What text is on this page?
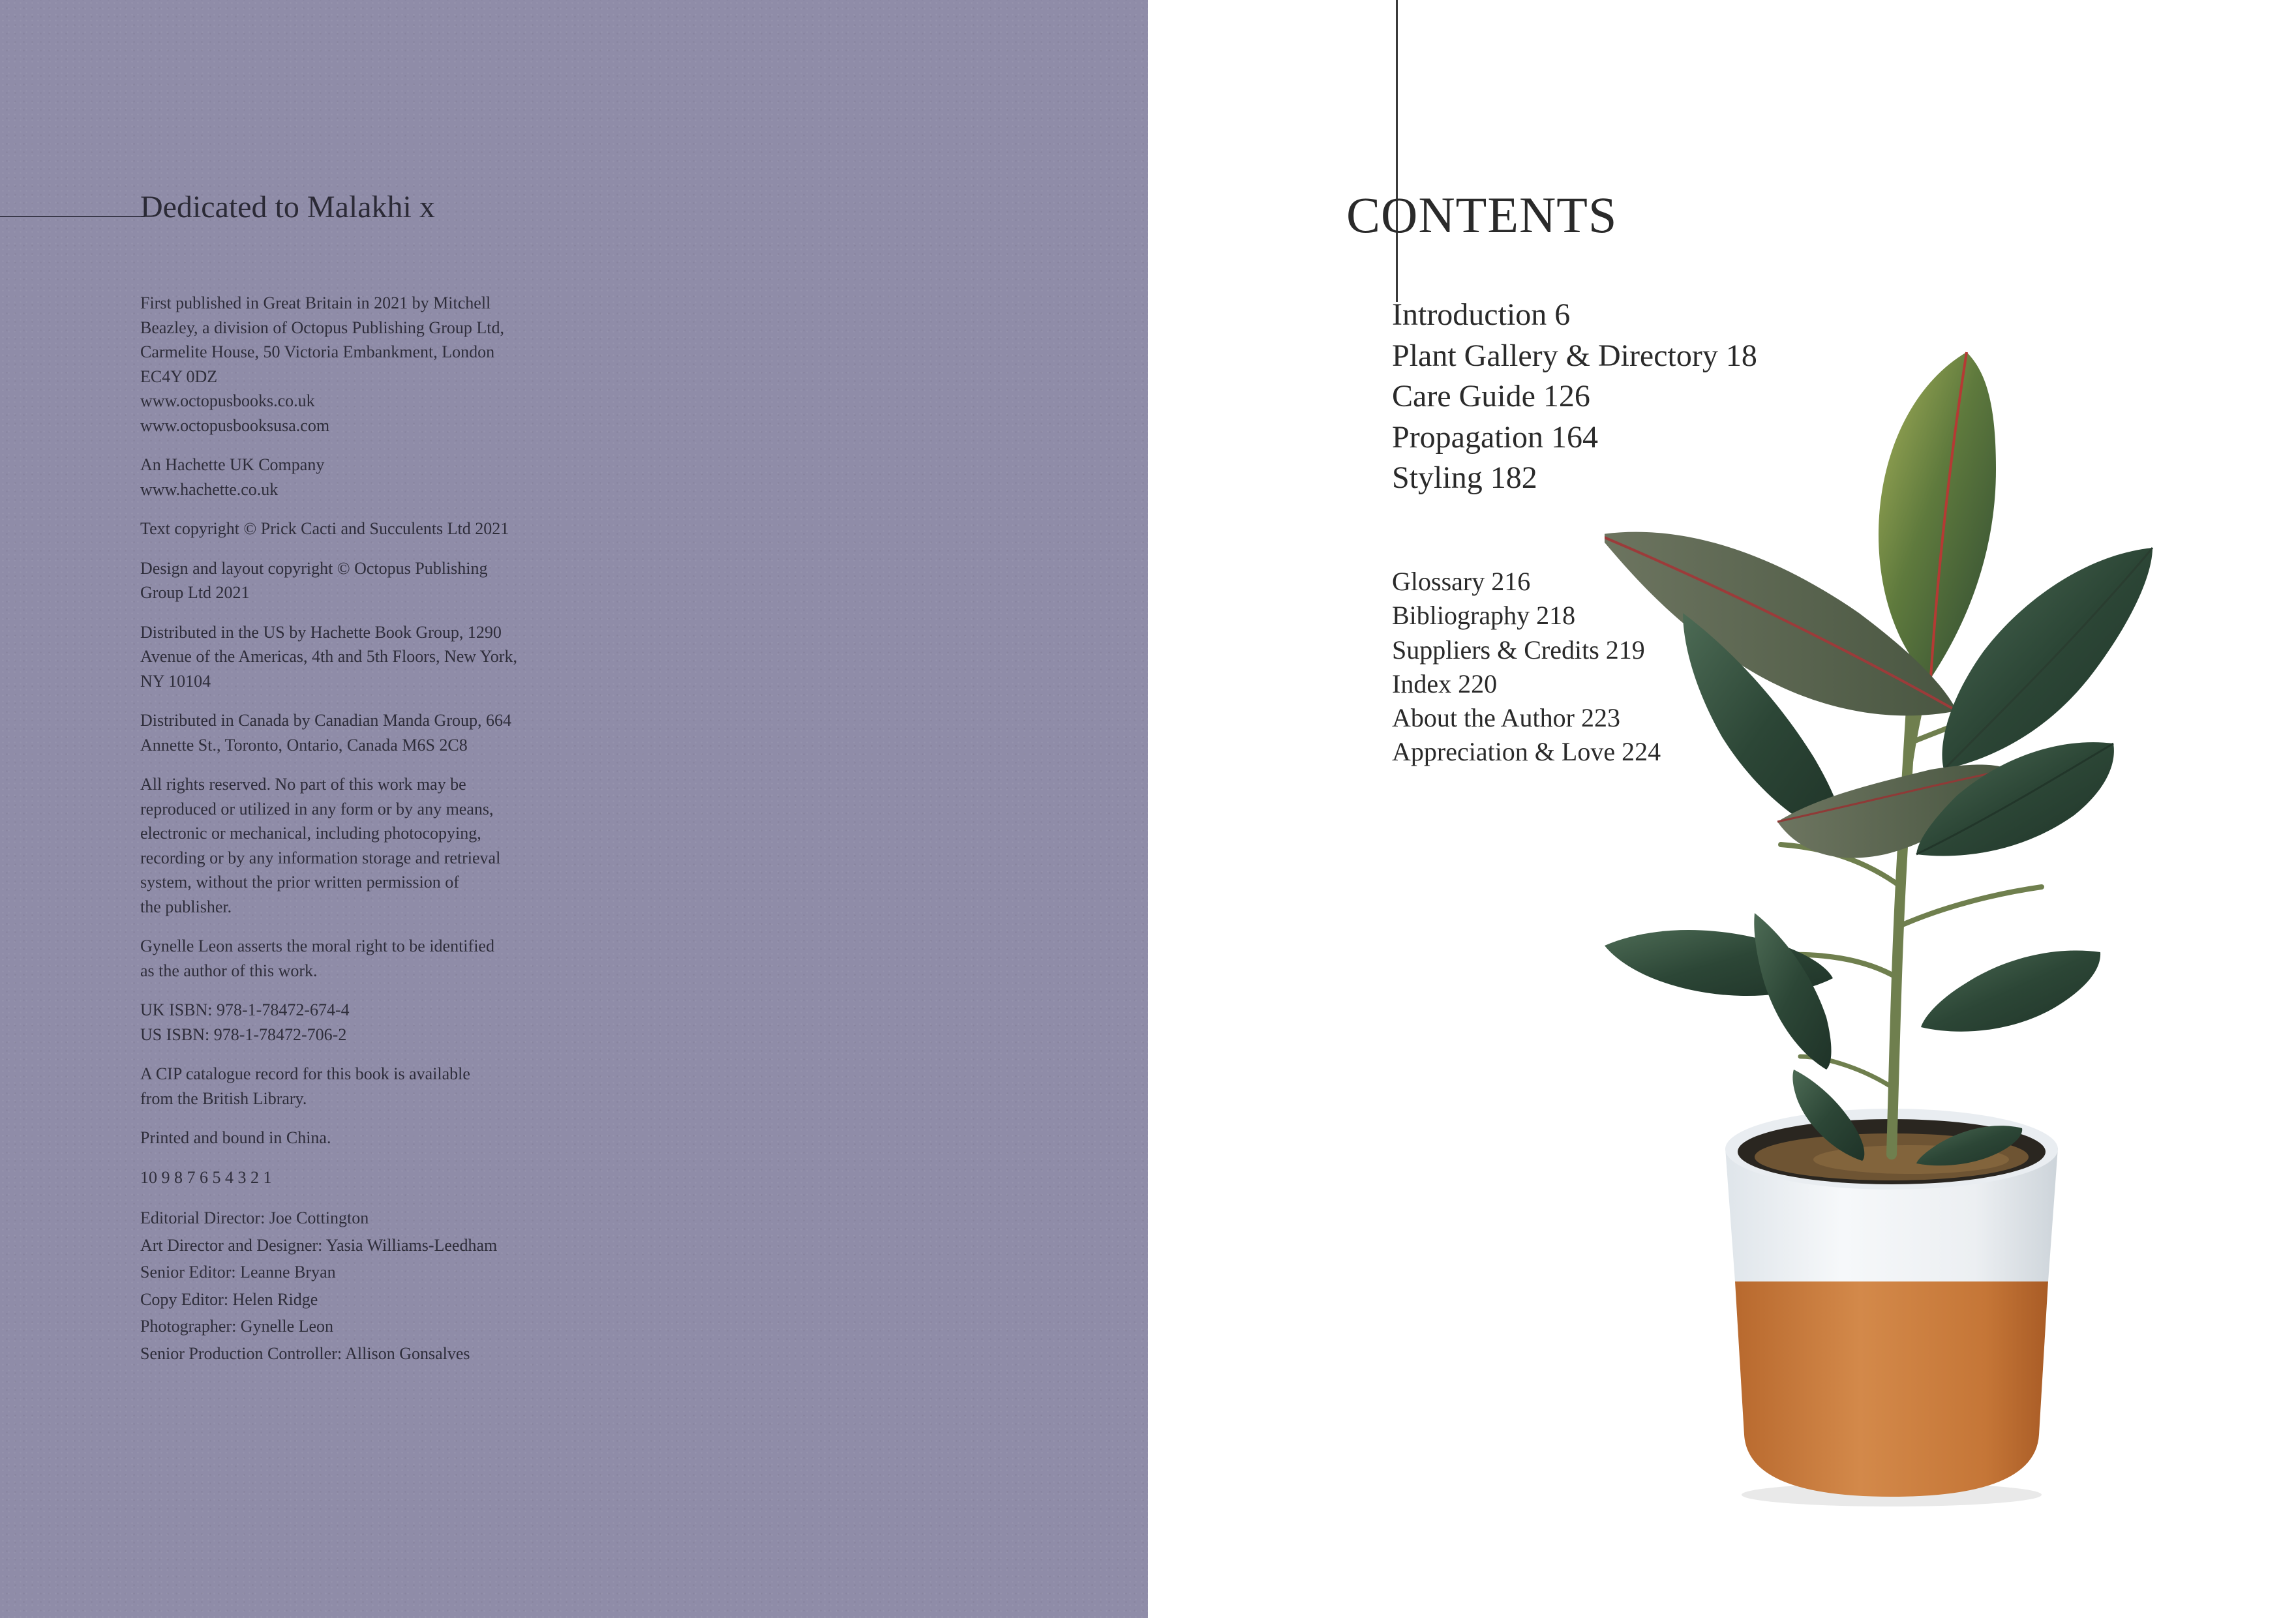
Dedicated to Malakhi x

First published in Great Britain in 2021 by Mitchell
Beazley, a division of Octopus Publishing Group Ltd,
Carmelite House, 50 Victoria Embankment, London
EC4Y 0DZ
www.octopusbooks.co.uk
www.octopusbooksusa.com

An Hachette UK Company
www.hachette.co.uk

Text copyright © Prick Cacti and Succulents Ltd 2021

Design and layout copyright © Octopus Publishing
Group Ltd 2021

Distributed in the US by Hachette Book Group, 1290
Avenue of the Americas, 4th and 5th Floors, New York,
NY 10104

Distributed in Canada by Canadian Manda Group, 664
Annette St., Toronto, Ontario, Canada M6S 2C8

All rights reserved. No part of this work may be
reproduced or utilized in any form or by any means,
electronic or mechanical, including photocopying,
recording or by any information storage and retrieval
system, without the prior written permission of
the publisher.

Gynelle Leon asserts the moral right to be identified
as the author of this work.

UK ISBN: 978-1-78472-674-4
US ISBN: 978-1-78472-706-2

A CIP catalogue record for this book is available
from the British Library.

Printed and bound in China.

10 9 8 7 6 5 4 3 2 1

Editorial Director: Joe Cottington
Art Director and Designer: Yasia Williams-Leedham
Senior Editor: Leanne Bryan
Copy Editor: Helen Ridge
Photographer: Gynelle Leon
Senior Production Controller: Allison Gonsalves
CONTENTS
Introduction 6
Plant Gallery & Directory 18
Care Guide 126
Propagation 164
Styling 182
Glossary 216
Bibliography 218
Suppliers & Credits 219
Index 220
About the Author 223
Appreciation & Love 224
